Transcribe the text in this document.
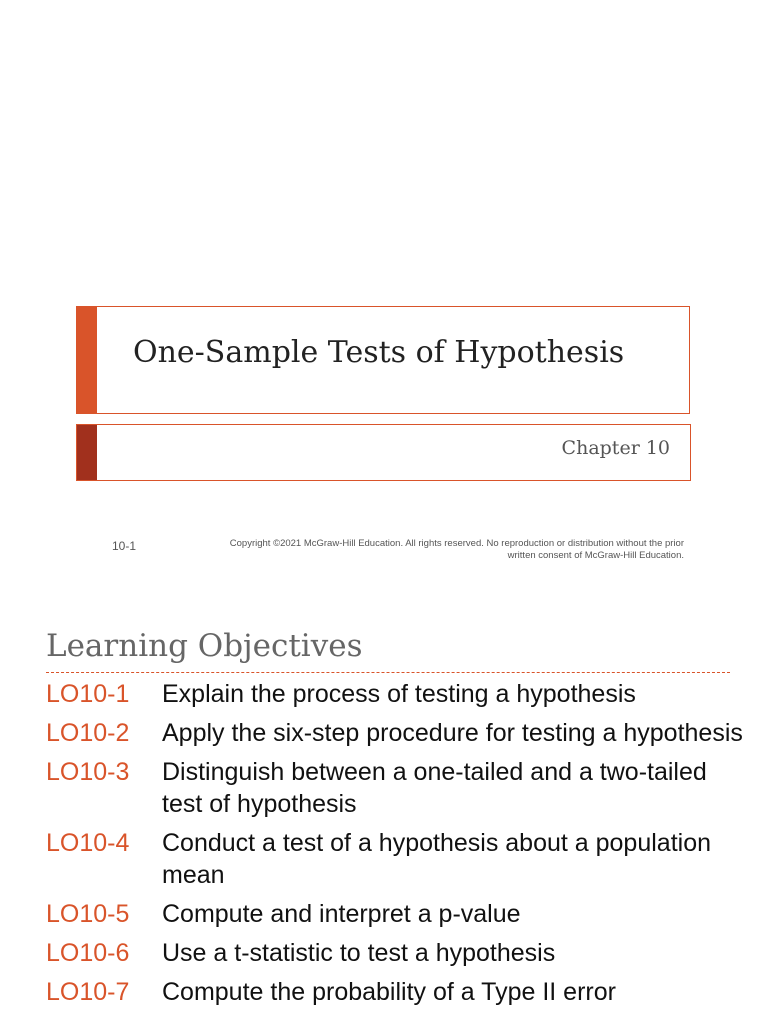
One-Sample Tests of Hypothesis
Chapter 10
10-1	Copyright ©2021 McGraw-Hill Education. All rights reserved. No reproduction or distribution without the prior written consent of McGraw-Hill Education.
Learning Objectives
LO10-1	Explain the process of testing a hypothesis
LO10-2	Apply the six-step procedure for testing a hypothesis
LO10-3	Distinguish between a one-tailed and a two-tailed test of hypothesis
LO10-4	Conduct a test of a hypothesis about a population mean
LO10-5	Compute and interpret a p-value
LO10-6	Use a t-statistic to test a hypothesis
LO10-7	Compute the probability of a Type II error
